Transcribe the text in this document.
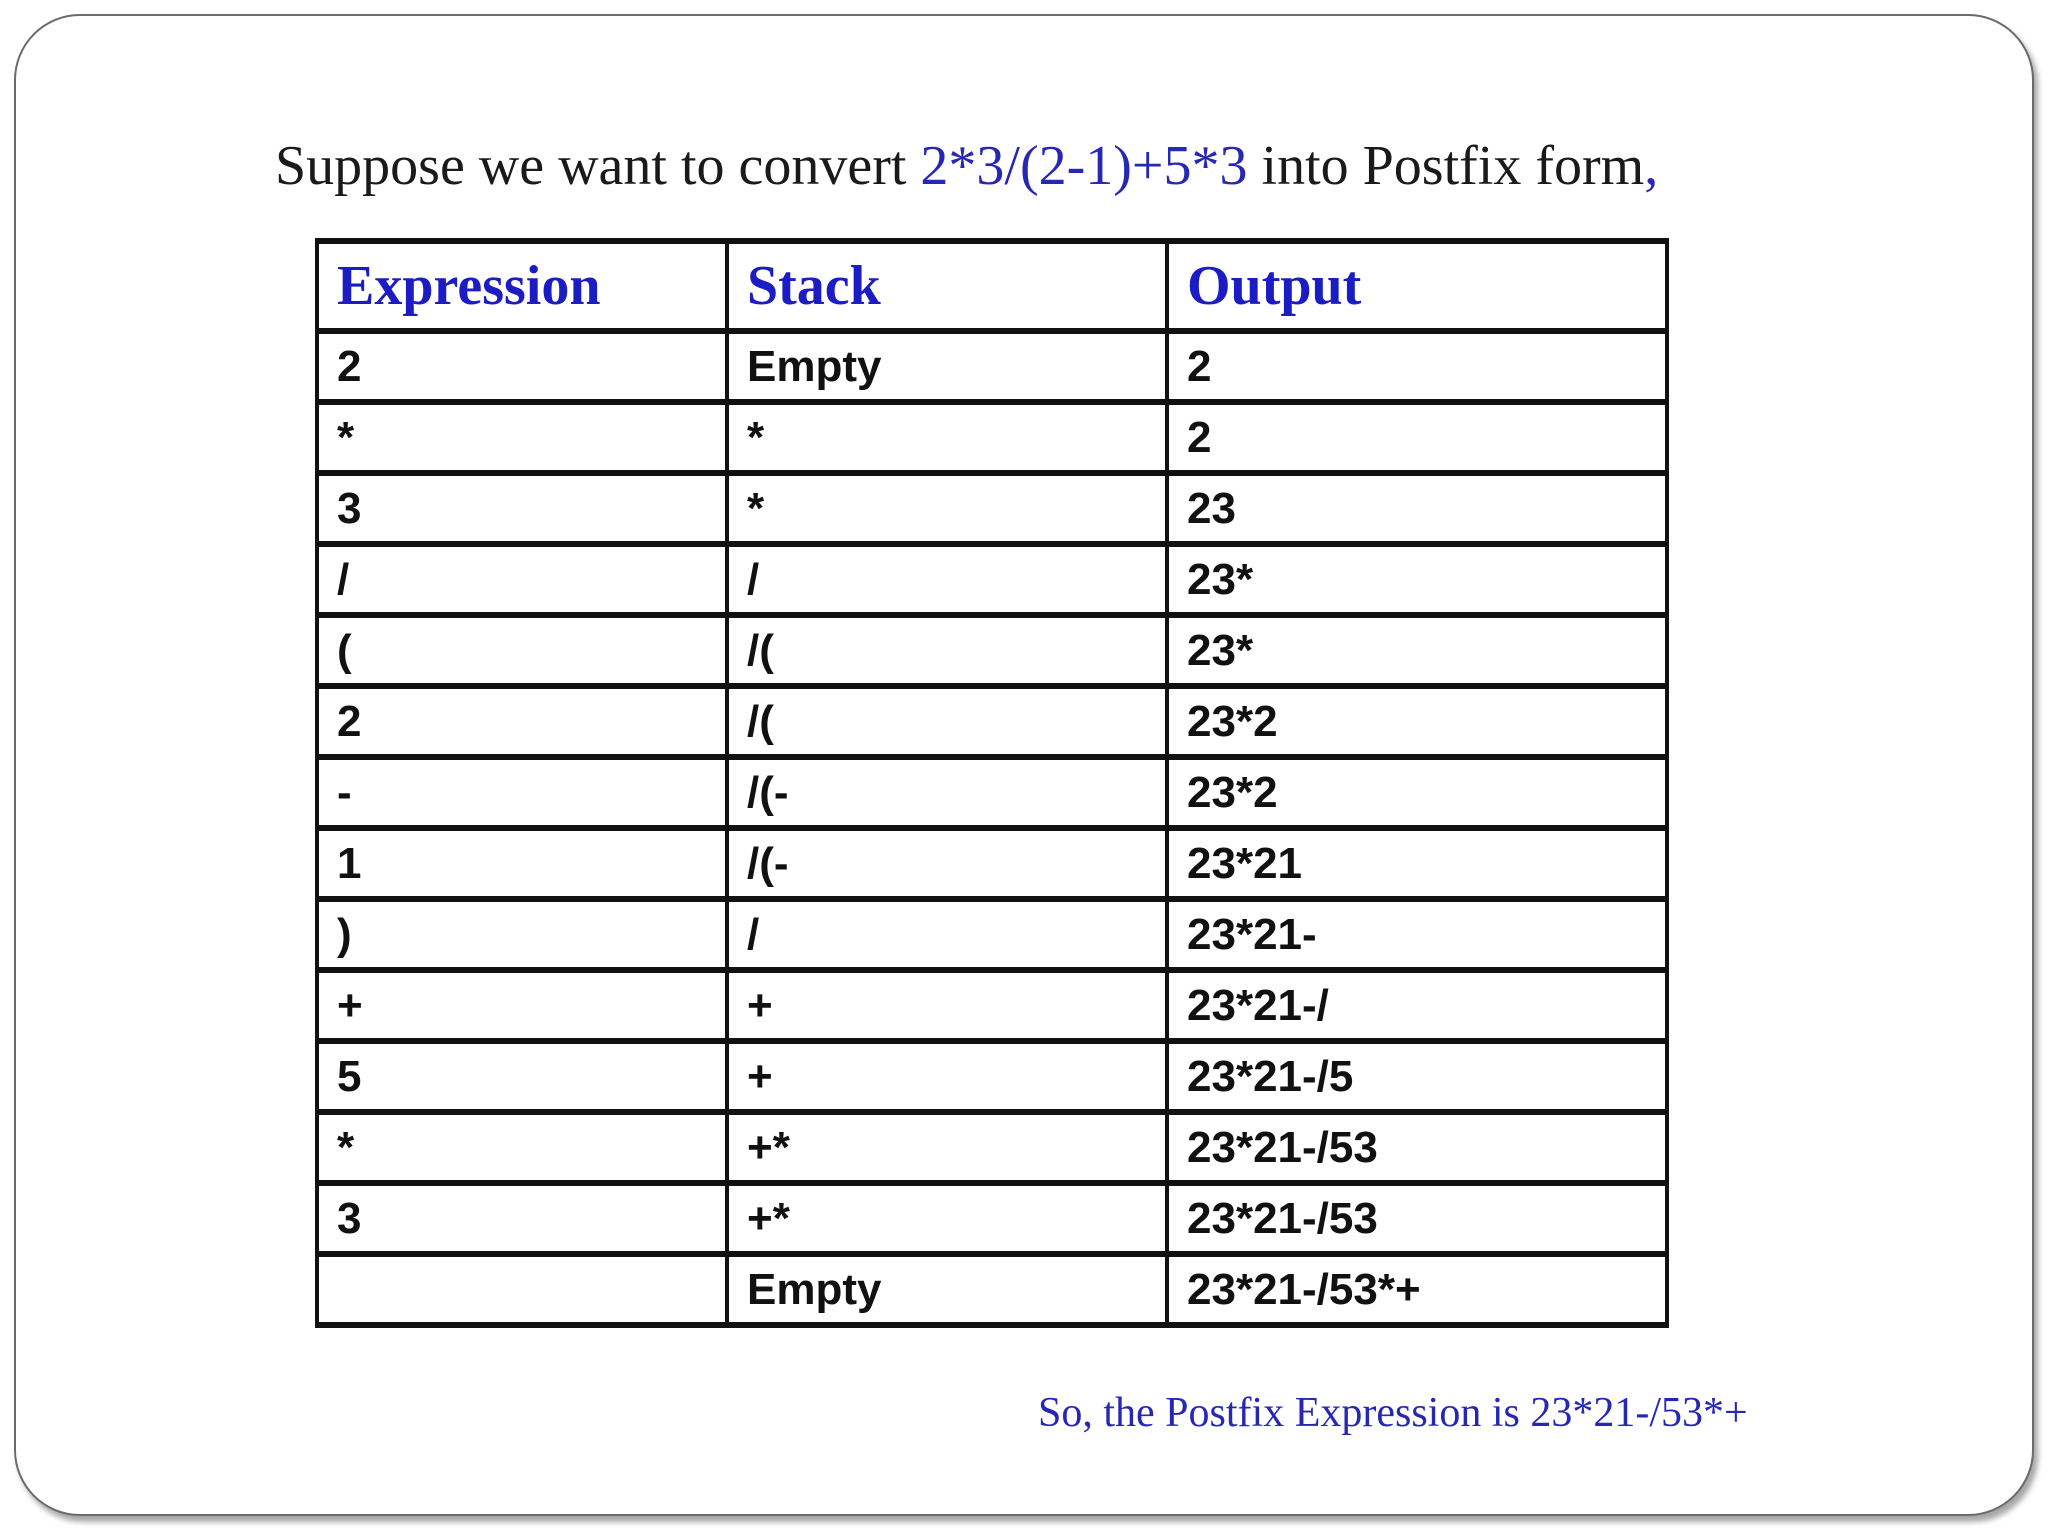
Suppose we want to convert 2*3/(2-1)+5*3 into Postfix form,
Expression	Stack	Output
2	Empty	2
*	*	2
3	*	23
/	/	23*
(	/(	23*
2	/(	23*2
-	/(-	23*2
1	/(-	23*21
)	/	23*21-
+	+	23*21-/
5	+	23*21-/5
*	+*	23*21-/53
3	+*	23*21-/53
	Empty	23*21-/53*+
So, the Postfix Expression is 23*21-/53*+
